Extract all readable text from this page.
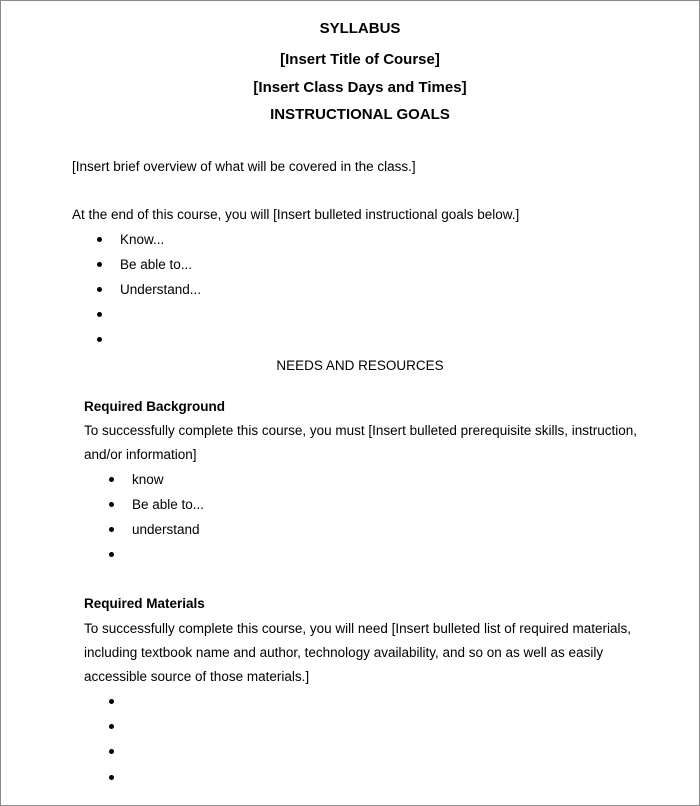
SYLLABUS
[Insert Title of Course]
[Insert Class Days and Times]
INSTRUCTIONAL GOALS
[Insert brief overview of what will be covered in the class.]
At the end of this course, you will [Insert bulleted instructional goals below.]
Know...
Be able to...
Understand...
NEEDS AND RESOURCES
Required Background
To successfully complete this course, you must [Insert bulleted prerequisite skills, instruction,
and/or information]
know
Be able to...
understand
Required Materials
To successfully complete this course, you will need [Insert bulleted list of required materials,
including textbook name and author, technology availability, and so on as well as easily
accessible source of those materials.]
